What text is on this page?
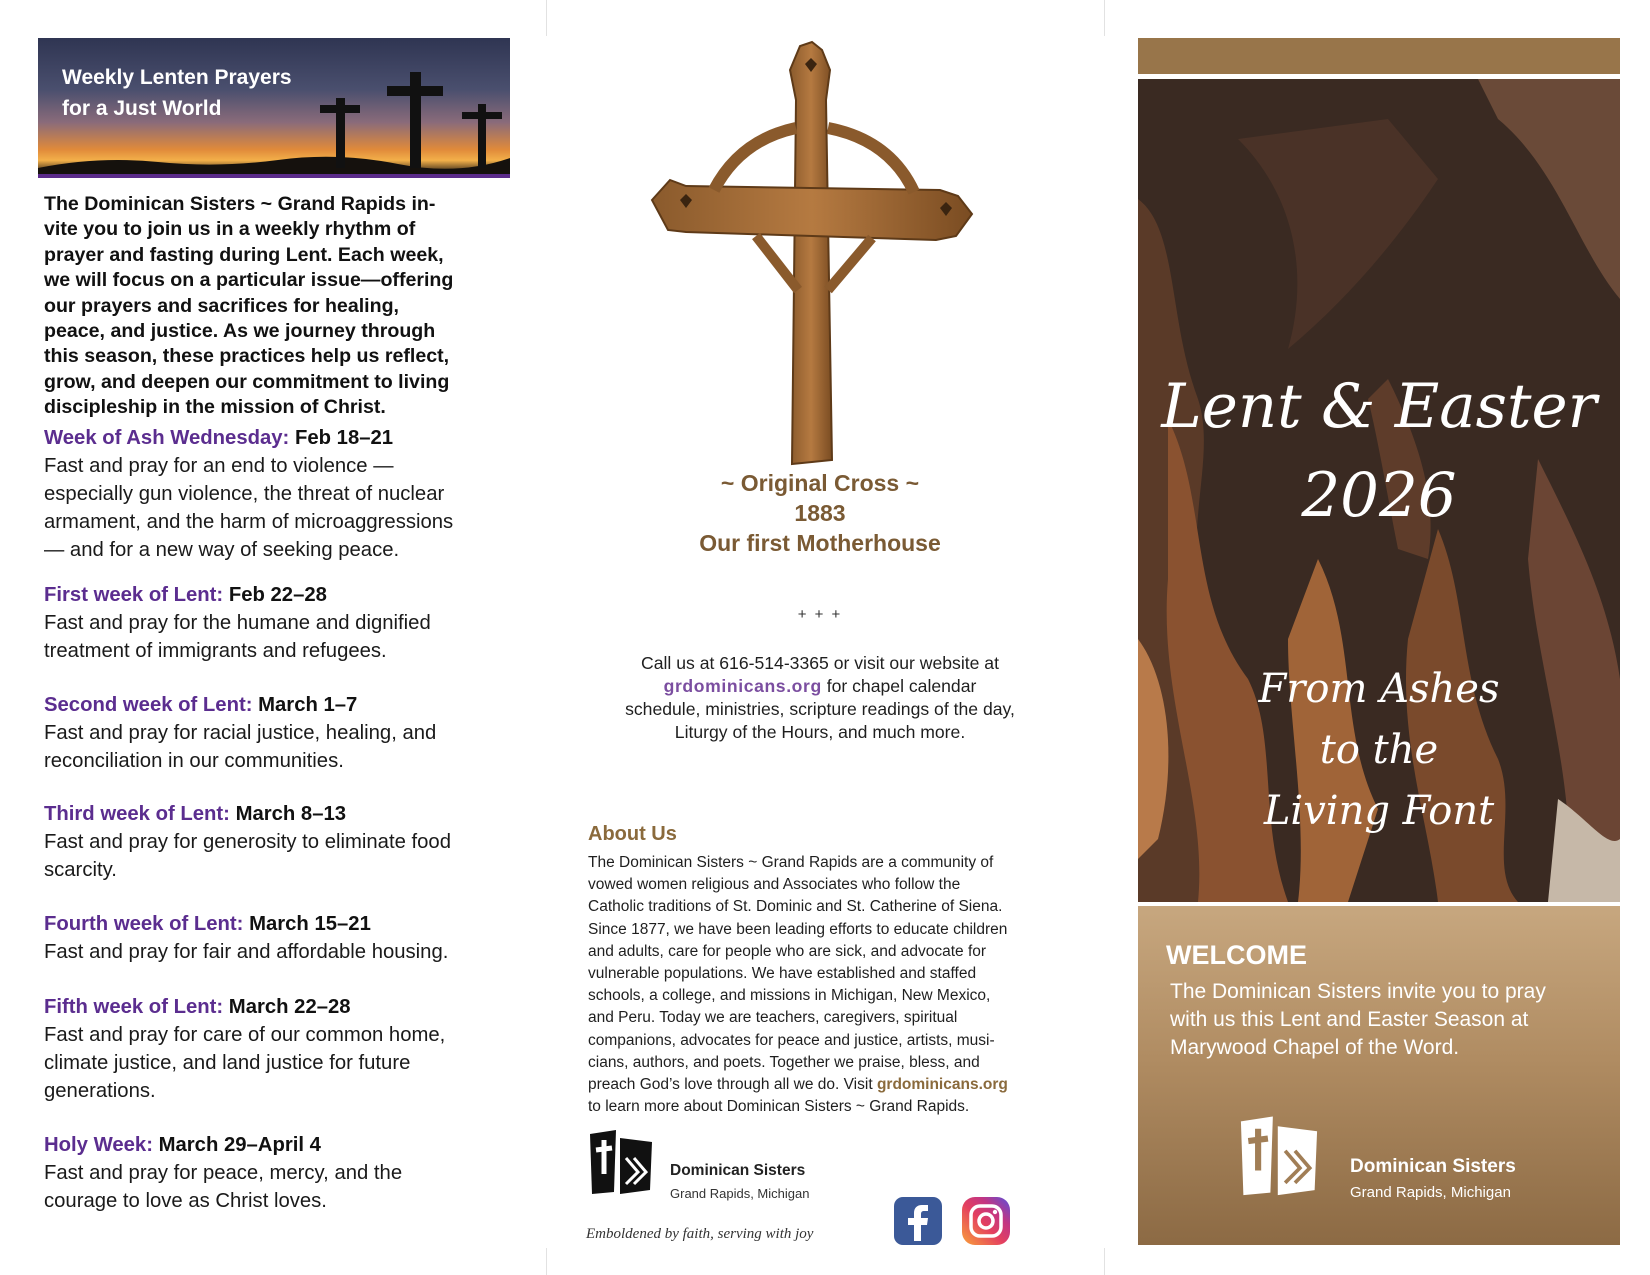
Weekly Lenten Prayers
for a Just World
The Dominican Sisters ~ Grand Rapids in-
vite you to join us in a weekly rhythm of
prayer and fasting during Lent. Each week,
we will focus on a particular issue—offering
our prayers and sacrifices for healing,
peace, and justice. As we journey through
this season, these practices help us reflect,
grow, and deepen our commitment to living
discipleship in the mission of Christ.
Week of Ash Wednesday: Feb 18–21
Fast and pray for an end to violence —
especially gun violence, the threat of nuclear
armament, and the harm of microaggressions
— and for a new way of seeking peace.
First week of Lent: Feb 22–28
Fast and pray for the humane and dignified
treatment of immigrants and refugees.
Second week of Lent: March 1–7
Fast and pray for racial justice, healing, and
reconciliation in our communities.
Third week of Lent: March 8–13
Fast and pray for generosity to eliminate food
scarcity.
Fourth week of Lent: March 15–21
Fast and pray for fair and affordable housing.
Fifth week of Lent: March 22–28
Fast and pray for care of our common home,
climate justice, and land justice for future
generations.
Holy Week: March 29–April 4
Fast and pray for peace, mercy, and the
courage to love as Christ loves.
~ Original Cross ~
1883
Our first Motherhouse
+ + +
Call us at 616-514-3365 or visit our website at
grdominicans.org for chapel calendar
schedule, ministries, scripture readings of the day,
Liturgy of the Hours, and much more.
About Us
The Dominican Sisters ~ Grand Rapids are a community of
vowed women religious and Associates who follow the
Catholic traditions of St. Dominic and St. Catherine of Siena.
Since 1877, we have been leading efforts to educate children
and adults, care for people who are sick, and advocate for
vulnerable populations. We have established and staffed
schools, a college, and missions in Michigan, New Mexico,
and Peru. Today we are teachers, caregivers, spiritual
companions, advocates for peace and justice, artists, musi-
cians, authors, and poets. Together we praise, bless, and
preach God’s love through all we do. Visit grdominicans.org
to learn more about Dominican Sisters ~ Grand Rapids.
Dominican Sisters
Grand Rapids, Michigan
Emboldened by faith, serving with joy
Lent & Easter
2026
From Ashes
to the
Living Font
WELCOME
The Dominican Sisters invite you to pray
with us this Lent and Easter Season at
Marywood Chapel of the Word.
Dominican Sisters
Grand Rapids, Michigan
